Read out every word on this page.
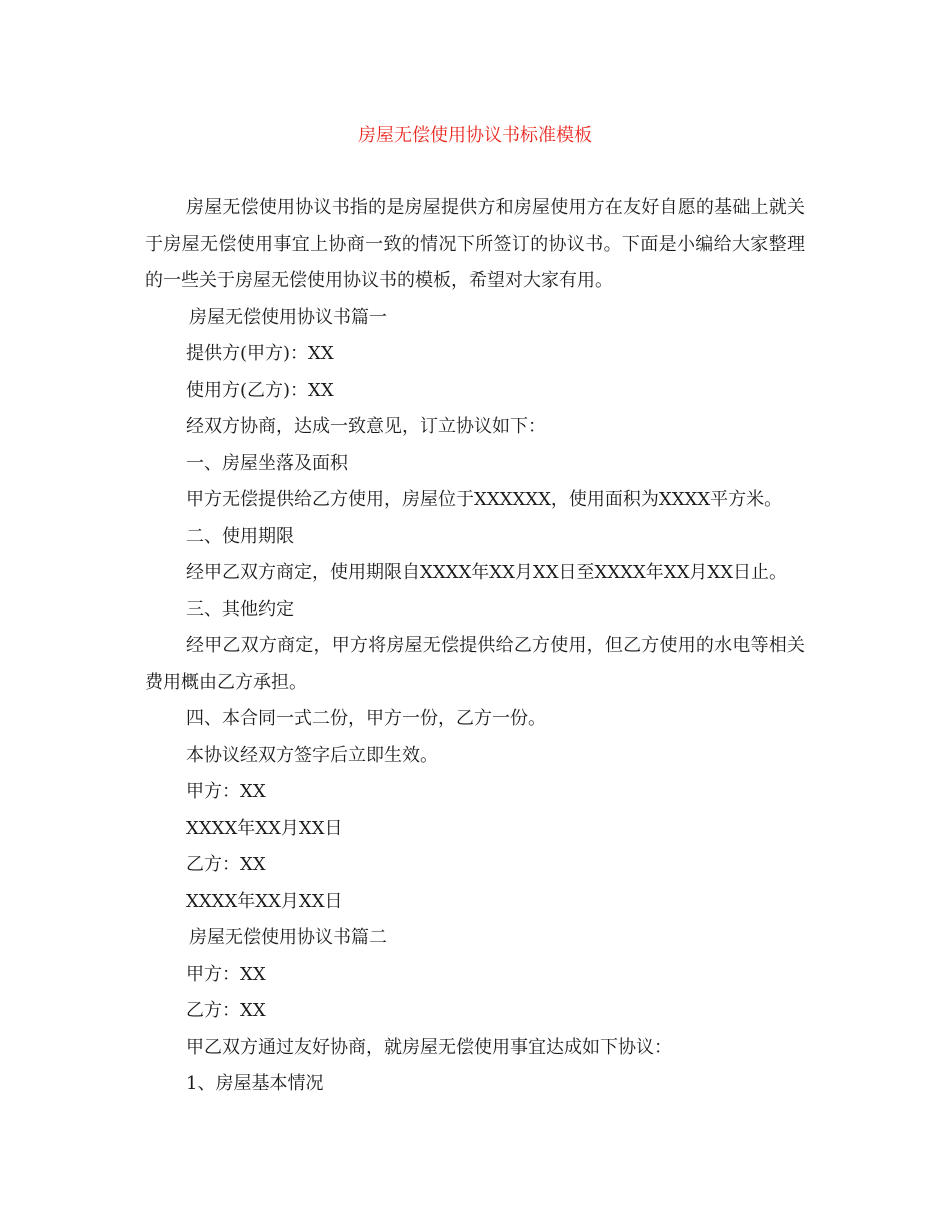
房屋无偿使用协议书标准模板

房屋无偿使用协议书指的是房屋提供方和房屋使用方在友好自愿的基础上就关于房屋无偿使用事宜上协商一致的情况下所签订的协议书。下面是小编给大家整理的一些关于房屋无偿使用协议书的模板，希望对大家有用。

房屋无偿使用协议书篇一

提供方(甲方)：XX

使用方(乙方)：XX

经双方协商，达成一致意见，订立协议如下：

一、房屋坐落及面积

甲方无偿提供给乙方使用，房屋位于XXXXXX，使用面积为XXXX平方米。

二、使用期限

经甲乙双方商定，使用期限自XXXX年XX月XX日至XXXX年XX月XX日止。

三、其他约定

经甲乙双方商定，甲方将房屋无偿提供给乙方使用，但乙方使用的水电等相关费用概由乙方承担。

四、本合同一式二份，甲方一份，乙方一份。

本协议经双方签字后立即生效。

甲方：XX

XXXX年XX月XX日

乙方：XX

XXXX年XX月XX日

房屋无偿使用协议书篇二

甲方：XX

乙方：XX

甲乙双方通过友好协商，就房屋无偿使用事宜达成如下协议：

1、房屋基本情况
